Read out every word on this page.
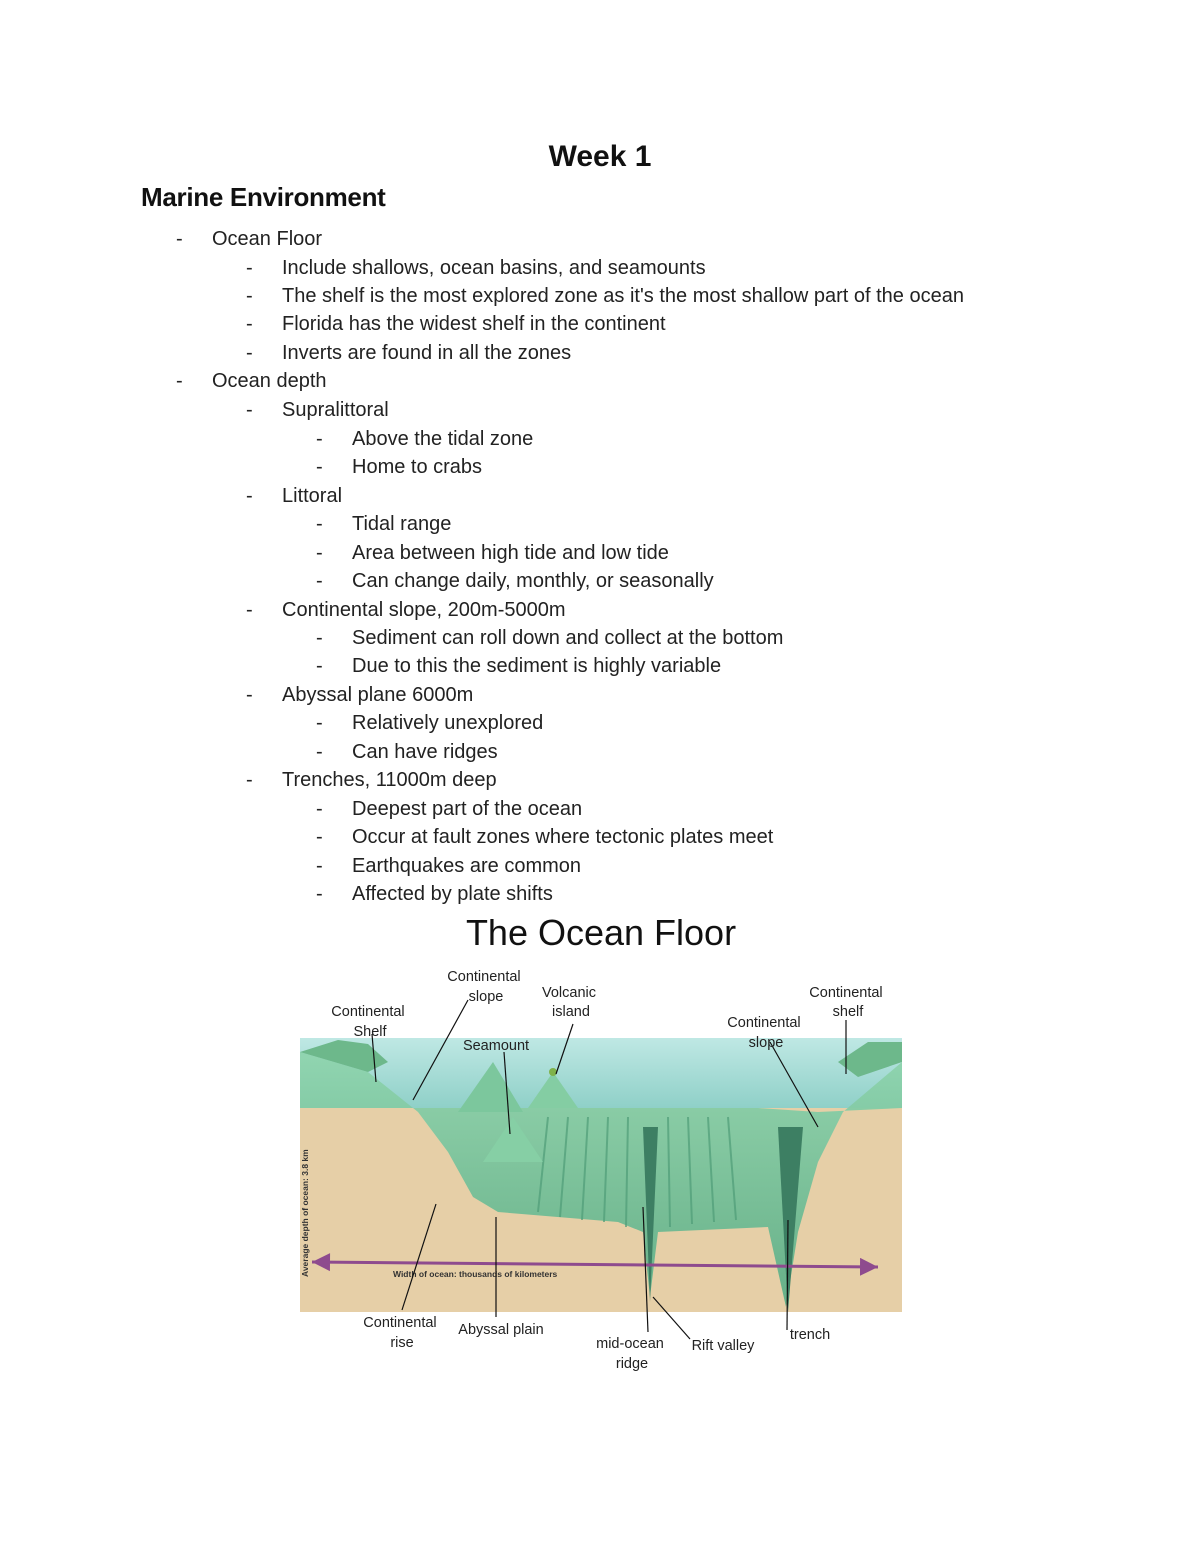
Week 1
Marine Environment
- Ocean Floor
- Include shallows, ocean basins, and seamounts
- The shelf is the most explored zone as it's the most shallow part of the ocean
- Florida has the widest shelf in the continent
- Inverts are found in all the zones
- Ocean depth
- Supralittoral
- Above the tidal zone
- Home to crabs
- Littoral
- Tidal range
- Area between high tide and low tide
- Can change daily, monthly, or seasonally
- Continental slope, 200m-5000m
- Sediment can roll down and collect at the bottom
- Due to this the sediment is highly variable
- Abyssal plane 6000m
- Relatively unexplored
- Can have ridges
- Trenches, 11000m deep
- Deepest part of the ocean
- Occur at fault zones where tectonic plates meet
- Earthquakes are common
- Affected by plate shifts
The Ocean Floor
Average depth of ocean: 3.8 km	Width of ocean: thousands of kilometers
Continental Shelf
Continental slope	Volcanic island
Seamount
Continental slope
Continental shelf
Continental rise
Abyssal plain
mid-ocean ridge
Rift valley
trench
